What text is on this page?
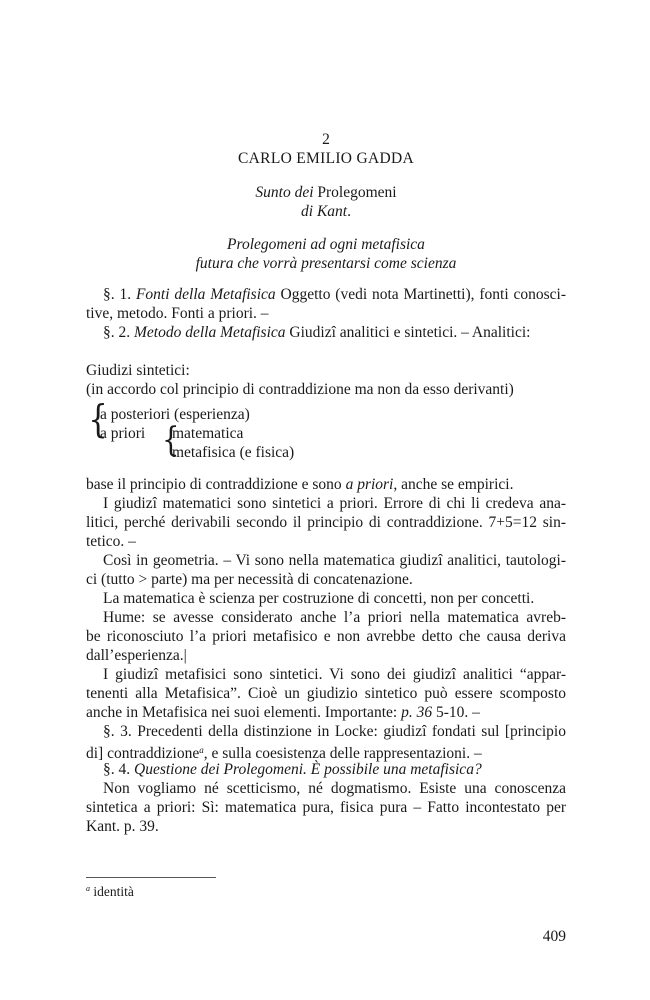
2
CARLO EMILIO GADDA
Sunto dei Prolegomeni
di Kant.
Prolegomeni ad ogni metafisica
futura che vorrà presentarsi come scienza
§. 1. Fonti della Metafisica Oggetto (vedi nota Martinetti), fonti conosci-
tive, metodo. Fonti a priori. –
§. 2. Metodo della Metafisica Giudizî analitici e sintetici. – Analitici:
Giudizi sintetici:
(in accordo col principio di contraddizione ma non da esso derivanti)
{
a posteriori (esperienza)
a priori {
matematica
metafisica (e fisica)
base il principio di contraddizione e sono a priori, anche se empirici.
I giudizî matematici sono sintetici a priori. Errore di chi li credeva ana-
litici, perché derivabili secondo il principio di contraddizione. 7+5=12 sin-
tetico. –
Così in geometria. – Vi sono nella matematica giudizî analitici, tautologi-
ci (tutto > parte) ma per necessità di concatenazione.
La matematica è scienza per costruzione di concetti, non per concetti.
Hume: se avesse considerato anche l’a priori nella matematica avreb-
be riconosciuto l’a priori metafisico e non avrebbe detto che causa deriva
dall’esperienza.|
I giudizî metafisici sono sintetici. Vi sono dei giudizî analitici “appar-
tenenti alla Metafisica”. Cioè un giudizio sintetico può essere scomposto
anche in Metafisica nei suoi elementi. Importante: p. 36 5-10. –
§. 3. Precedenti della distinzione in Locke: giudizî fondati sul [principio
di] contraddizione$^a$, e sulla coesistenza delle rappresentazioni. –
§. 4. Questione dei Prolegomeni. È possibile una metafisica?
Non vogliamo né scetticismo, né dogmatismo. Esiste una conoscenza
sintetica a priori: Sì: matematica pura, fisica pura – Fatto incontestato per
Kant. p. 39.
$^a$ identità
409
